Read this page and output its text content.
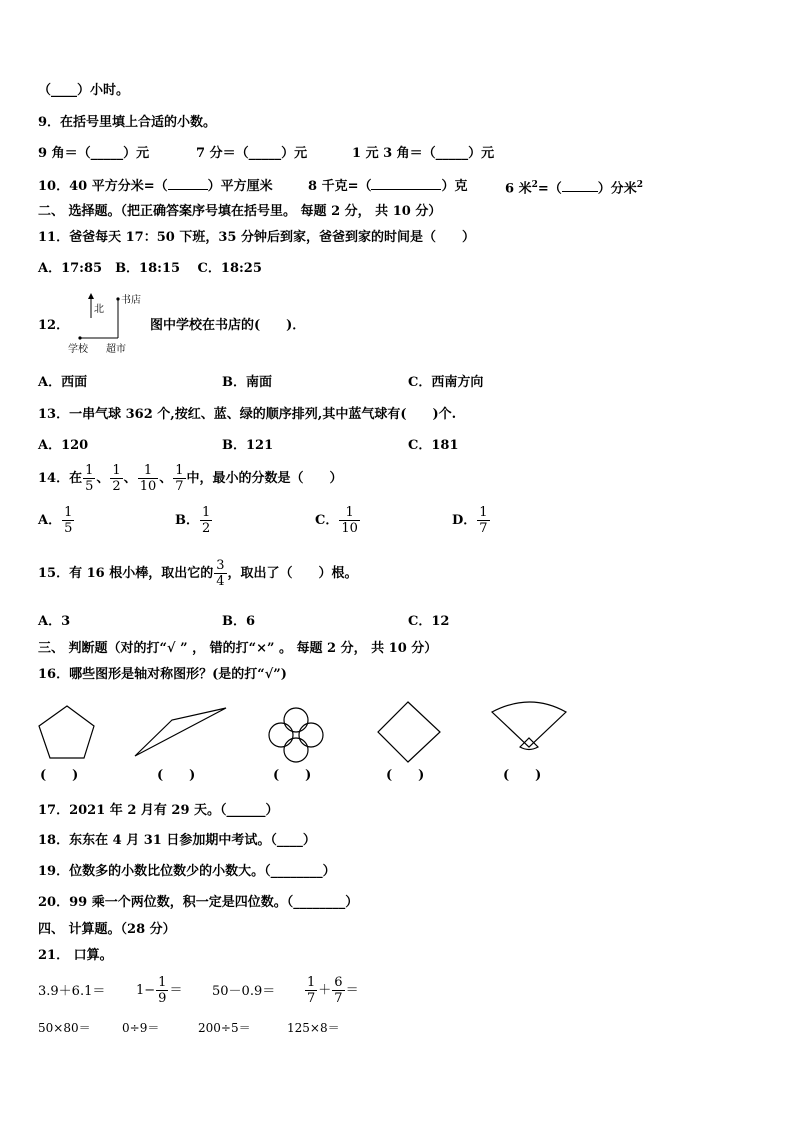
（____）小时。
9．在括号里填上合适的小数。
9 角＝（_____）元	7 分＝（_____）元	1 元 3 角＝（_____）元
10．40 平方分米=（	）平方厘米	8 千克=（	）克	6 米$^2$=（	）分米$^2$
二、 选择题。（把正确答案序号填在括号里。 每题 2 分， 共 10 分）
11．爸爸每天 17：50 下班，35 分钟后到家，爸爸到家的时间是（　　）
A．17:85　B．18:15　 C．18:25
12．
北
书店
学校 超市
图中学校在书店的(　　)．
A．西面	B．南面	C．西南方向
13．一串气球 362 个,按红、蓝、绿的顺序排列,其中蓝气球有(　　)个.
A．120	B．121	C．181
14．在 $\frac{1}{5}$ 、 $\frac{1}{2}$ 、 $\frac{1}{10}$ 、 $\frac{1}{7}$ 中，最小的分数是（　　）
A． $\frac{1}{5}$	B． $\frac{1}{2}$	C． $\frac{1}{10}$	D． $\frac{1}{7}$
15．有 16 根小棒，取出它的 $\frac{3}{4}$ ，取出了（　　）根。
A．3	B．6	C．12
三、 判断题（对的打“√ ” ， 错的打“×” 。 每题 2 分， 共 10 分）
16．哪些图形是轴对称图形？(是的打“√”)
(　　)	(　　)	(　　)	(　　)	(　　)
17．2021 年 2 月有 29 天。（______）
18．东东在 4 月 31 日参加期中考试。（____）
19．位数多的小数比位数少的小数大。（________）
20．99 乘一个两位数，积一定是四位数。（________）
四、 计算题。（28 分）
21． 口算。
$3.9+6.1= 1- \frac{1}{9} = 50-0.9= \frac{1}{7} + \frac{6}{7}$ ＝
50×80＝	0÷9＝	200÷5＝	125×8＝
